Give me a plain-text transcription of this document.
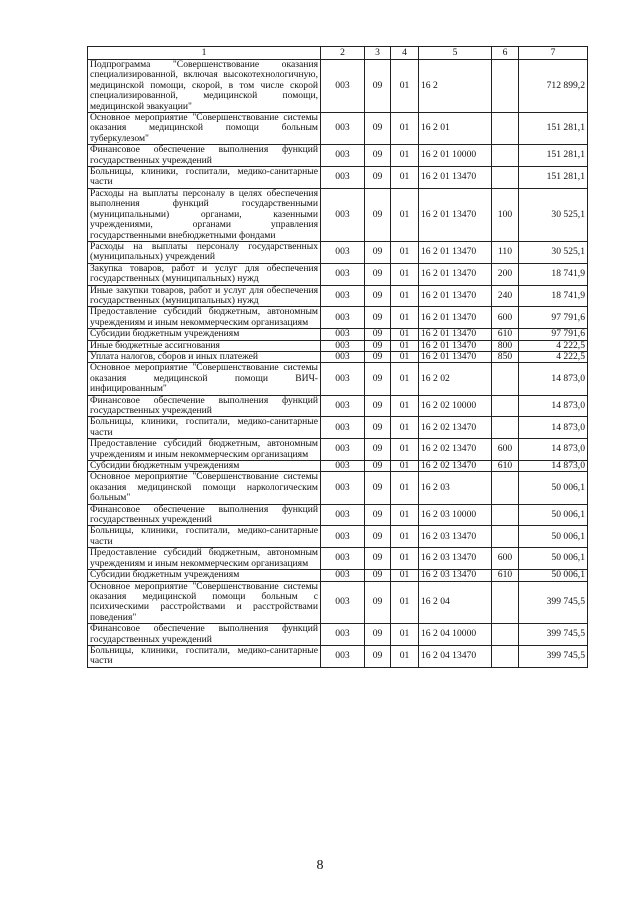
1	2	3	4	5	6	7
Подпрограмма "Совершенствование оказания специализированной, включая высокотехнологичную, медицинской помощи, скорой, в том числе скорой специализированной, медицинской помощи, медицинской эвакуации"	003	09	01	16 2		712 899,2
Основное мероприятие "Совершенствование системы оказания медицинской помощи больным туберкулезом"	003	09	01	16 2 01		151 281,1
Финансовое обеспечение выполнения функций государственных учреждений	003	09	01	16 2 01 10000		151 281,1
Больницы, клиники, госпитали, медико-санитарные части	003	09	01	16 2 01 13470		151 281,1
Расходы на выплаты персоналу в целях обеспечения выполнения функций государственными (муниципальными) органами, казенными учреждениями, органами управления государственными внебюджетными фондами	003	09	01	16 2 01 13470	100	30 525,1
Расходы на выплаты персоналу государственных (муниципальных) учреждений	003	09	01	16 2 01 13470	110	30 525,1
Закупка товаров, работ и услуг для обеспечения государственных (муниципальных) нужд	003	09	01	16 2 01 13470	200	18 741,9
Иные закупки товаров, работ и услуг для обеспечения государственных (муниципальных) нужд	003	09	01	16 2 01 13470	240	18 741,9
Предоставление субсидий бюджетным, автономным учреждениям и иным некоммерческим организациям	003	09	01	16 2 01 13470	600	97 791,6
Субсидии бюджетным учреждениям	003	09	01	16 2 01 13470	610	97 791,6
Иные бюджетные ассигнования	003	09	01	16 2 01 13470	800	4 222,5
Уплата налогов, сборов и иных платежей	003	09	01	16 2 01 13470	850	4 222,5
Основное мероприятие "Совершенствование системы оказания медицинской помощи ВИЧ-инфицированным"	003	09	01	16 2 02		14 873,0
Финансовое обеспечение выполнения функций государственных учреждений	003	09	01	16 2 02 10000		14 873,0
Больницы, клиники, госпитали, медико-санитарные части	003	09	01	16 2 02 13470		14 873,0
Предоставление субсидий бюджетным, автономным учреждениям и иным некоммерческим организациям	003	09	01	16 2 02 13470	600	14 873,0
Субсидии бюджетным учреждениям	003	09	01	16 2 02 13470	610	14 873,0
Основное мероприятие "Совершенствование системы оказания медицинской помощи наркологическим больным"	003	09	01	16 2 03		50 006,1
Финансовое обеспечение выполнения функций государственных учреждений	003	09	01	16 2 03 10000		50 006,1
Больницы, клиники, госпитали, медико-санитарные части	003	09	01	16 2 03 13470		50 006,1
Предоставление субсидий бюджетным, автономным учреждениям и иным некоммерческим организациям	003	09	01	16 2 03 13470	600	50 006,1
Субсидии бюджетным учреждениям	003	09	01	16 2 03 13470	610	50 006,1
Основное мероприятие "Совершенствование системы оказания медицинской помощи больным с психическими расстройствами и расстройствами поведения"	003	09	01	16 2 04		399 745,5
Финансовое обеспечение выполнения функций государственных учреждений	003	09	01	16 2 04 10000		399 745,5
Больницы, клиники, госпитали, медико-санитарные части	003	09	01	16 2 04 13470		399 745,5
8
